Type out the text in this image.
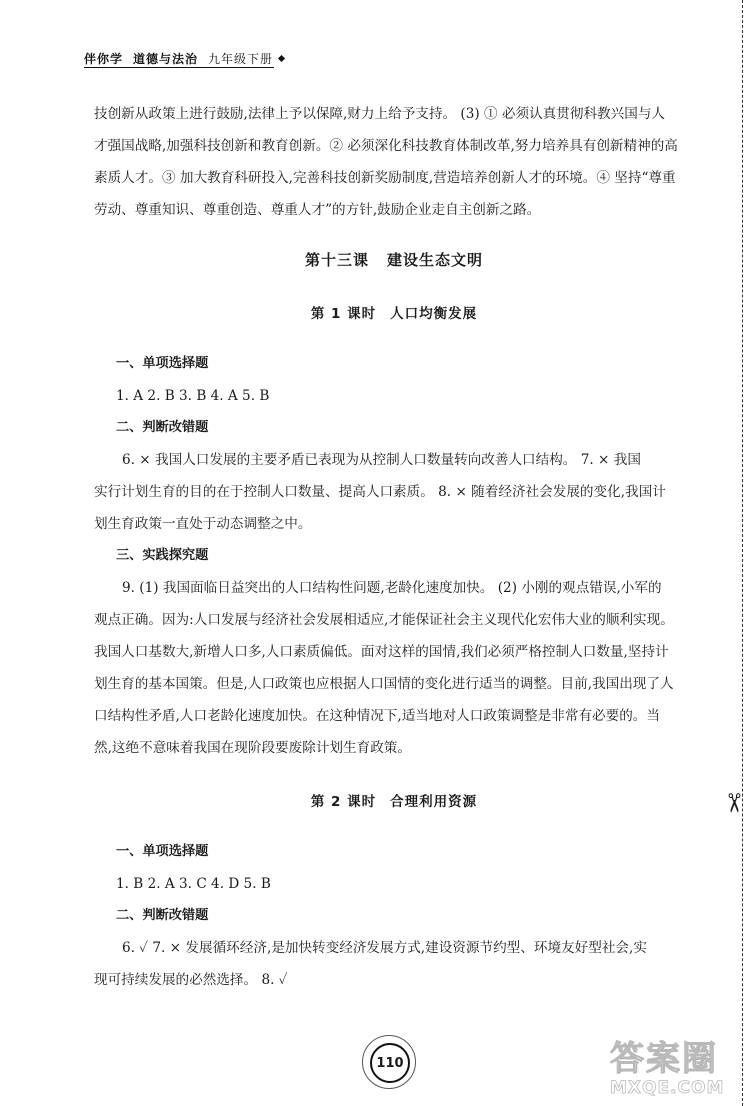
伴你学 道德与法治 九年级下册
✂

技创新从政策上进行鼓励,法律上予以保障,财力上给予支持。 (3) ① 必须认真贯彻科教兴国与人

才强国战略,加强科技创新和教育创新。② 必须深化科技教育体制改革,努力培养具有创新精神的高

素质人才。③ 加大教育科研投入,完善科技创新奖励制度,营造培养创新人才的环境。④ 坚持“尊重

劳动、尊重知识、尊重创造、尊重人才”的方针,鼓励企业走自主创新之路。

第十三课 建设生态文明
第 1 课时 人口均衡发展
一、单项选择题

1. A 2. B 3. B 4. A 5. B

二、判断改错题

6. × 我国人口发展的主要矛盾已表现为从控制人口数量转向改善人口结构。 7. × 我国

实行计划生育的目的在于控制人口数量、提高人口素质。 8. × 随着经济社会发展的变化,我国计

划生育政策一直处于动态调整之中。

三、实践探究题

9. (1) 我国面临日益突出的人口结构性问题,老龄化速度加快。 (2) 小刚的观点错误,小军的

观点正确。因为:人口发展与经济社会发展相适应,才能保证社会主义现代化宏伟大业的顺利实现。

我国人口基数大,新增人口多,人口素质偏低。面对这样的国情,我们必须严格控制人口数量,坚持计

划生育的基本国策。但是,人口政策也应根据人口国情的变化进行适当的调整。目前,我国出现了人

口结构性矛盾,人口老龄化速度加快。在这种情况下,适当地对人口政策调整是非常有必要的。当

然,这绝不意味着我国在现阶段要废除计划生育政策。

第 2 课时 合理利用资源
一、单项选择题

1. B 2. A 3. C 4. D 5. B

二、判断改错题

6. ✓ 7. × 发展循环经济,是加快转变经济发展方式,建设资源节约型、环境友好型社会,实

现可持续发展的必然选择。 8. ✓

110	答案圈
MXQE.COM
